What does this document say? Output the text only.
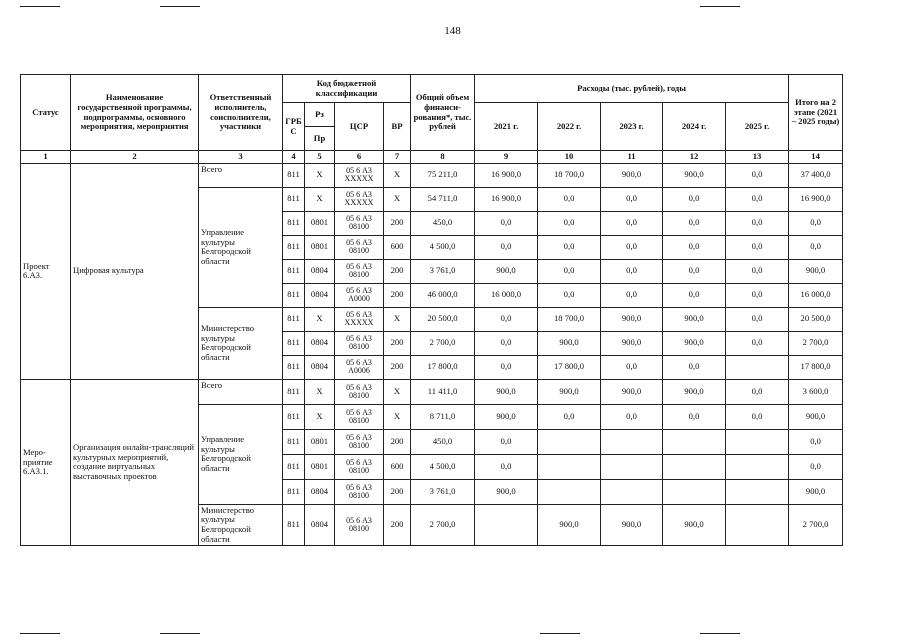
148
Статус	Наименование государственной программы, подпрограммы, основного мероприятия, мероприятия	Ответственный исполнитель, соисполнители, участники	Код бюджетной классификации				Общий объем финанси-рования*, тыс. рублей	Расходы (тыс. рублей), годы					Итого на 2 этапе (2021 – 2025 годы)
			ГРБ С	Рз	ЦСР	ВР		2021 г.	2022 г.	2023 г.	2024 г.	2025 г.	
				Пр									
1	2	3	4	5	6	7	8	9	10	11	12	13	14
Проект 6.А3.	Цифровая культура	Всего	811	X	05 6 А3 XXXXX	X	75 211,0	16 900,0	18 700,0	900,0	900,0	0,0	37 400,0
		Управление культуры Белгородской области	811	X	05 6 А3 XXXXX	X	54 711,0	16 900,0	0,0	0,0	0,0	0,0	16 900,0
			811	0801	05 6 А3 08100	200	450,0	0,0	0,0	0,0	0,0	0,0	0,0
			811	0801	05 6 А3 08100	600	4 500,0	0,0	0,0	0,0	0,0	0,0	0,0
			811	0804	05 6 А3 08100	200	3 761,0	900,0	0,0	0,0	0,0	0,0	900,0
			811	0804	05 6 А3 А0000	200	46 000,0	16 000,0	0,0	0,0	0,0	0,0	16 000,0
		Министерство культуры Белгородской области	811	X	05 6 А3 XXXXX	X	20 500,0	0,0	18 700,0	900,0	900,0	0,0	20 500,0
			811	0804	05 6 А3 08100	200	2 700,0	0,0	900,0	900,0	900,0	0,0	2 700,0
			811	0804	05 6 А3 А0006	200	17 800,0	0,0	17 800,0	0,0	0,0		17 800,0
Меро-приятие 6.А3.1.	Организация онлайн-трансляций культурных мероприятий, создание виртуальных выставочных проектов	Всего	811	X	05 6 А3 08100	X	11 411,0	900,0	900,0	900,0	900,0	0,0	3 600,0
		Управление культуры Белгородской области	811	X	05 6 А3 08100	X	8 711,0	900,0	0,0	0,0	0,0	0,0	900,0
			811	0801	05 6 А3 08100	200	450,0	0,0					0,0
			811	0801	05 6 А3 08100	600	4 500,0	0,0					0,0
			811	0804	05 6 А3 08100	200	3 761,0	900,0					900,0
		Министерство культуры Белгородской области	811	0804	05 6 А3 08100	200	2 700,0		900,0	900,0	900,0		2 700,0
